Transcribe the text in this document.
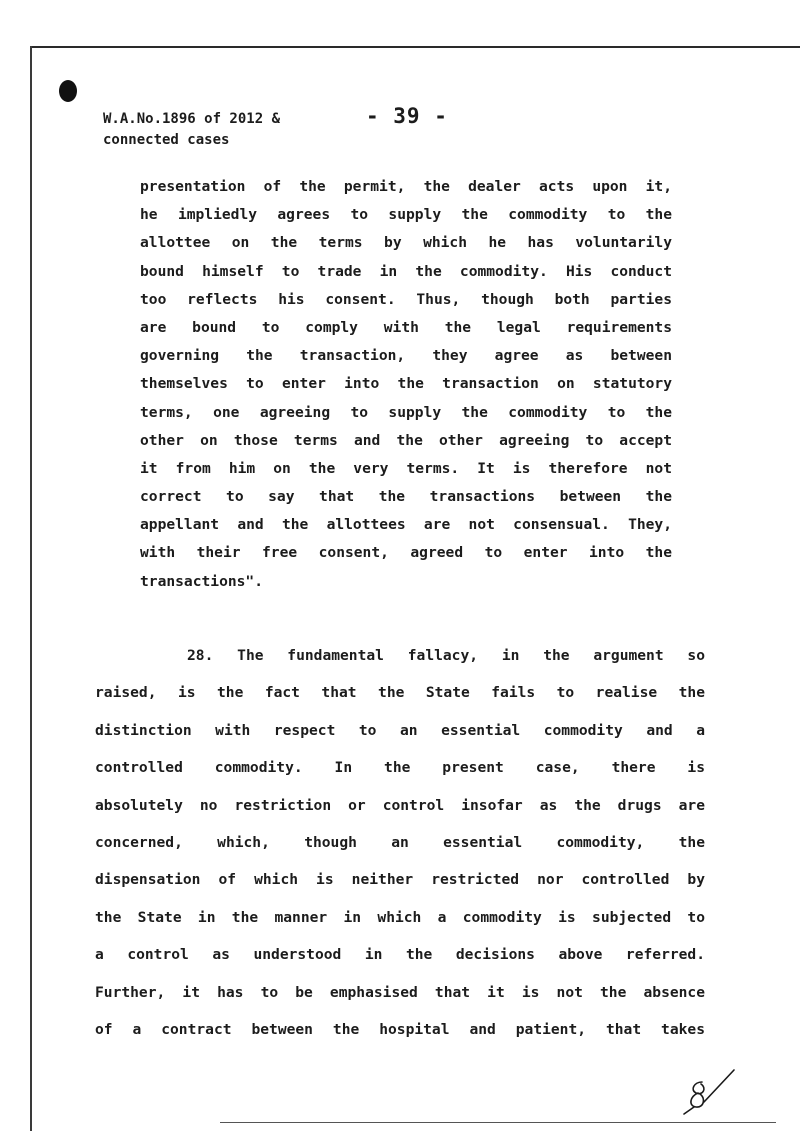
W.A.No.1896 of 2012 &
connected cases
- 39 -
presentation of the permit, the dealer acts upon it,
he impliedly agrees to supply the commodity to the
allottee on the terms by which he has voluntarily
bound himself to trade in the commodity. His conduct
too reflects his consent. Thus, though both parties
are bound to comply with the legal requirements
governing the transaction, they agree as between
themselves to enter into the transaction on statutory
terms, one agreeing to supply the commodity to the
other on those terms and the other agreeing to accept
it from him on the very terms. It is therefore not
correct to say that the transactions between the
appellant and the allottees are not consensual. They,
with their free consent, agreed to enter into the
transactions".
28. The fundamental fallacy, in the argument so
raised, is the fact that the State fails to realise the
distinction with respect to an essential commodity and a
controlled commodity. In the present case, there is
absolutely no restriction or control insofar as the drugs are
concerned, which, though an essential commodity, the
dispensation of which is neither restricted nor controlled by
the State in the manner in which a commodity is subjected to
a control as understood in the decisions above referred.
Further, it has to be emphasised that it is not the absence
of a contract between the hospital and patient, that takes
